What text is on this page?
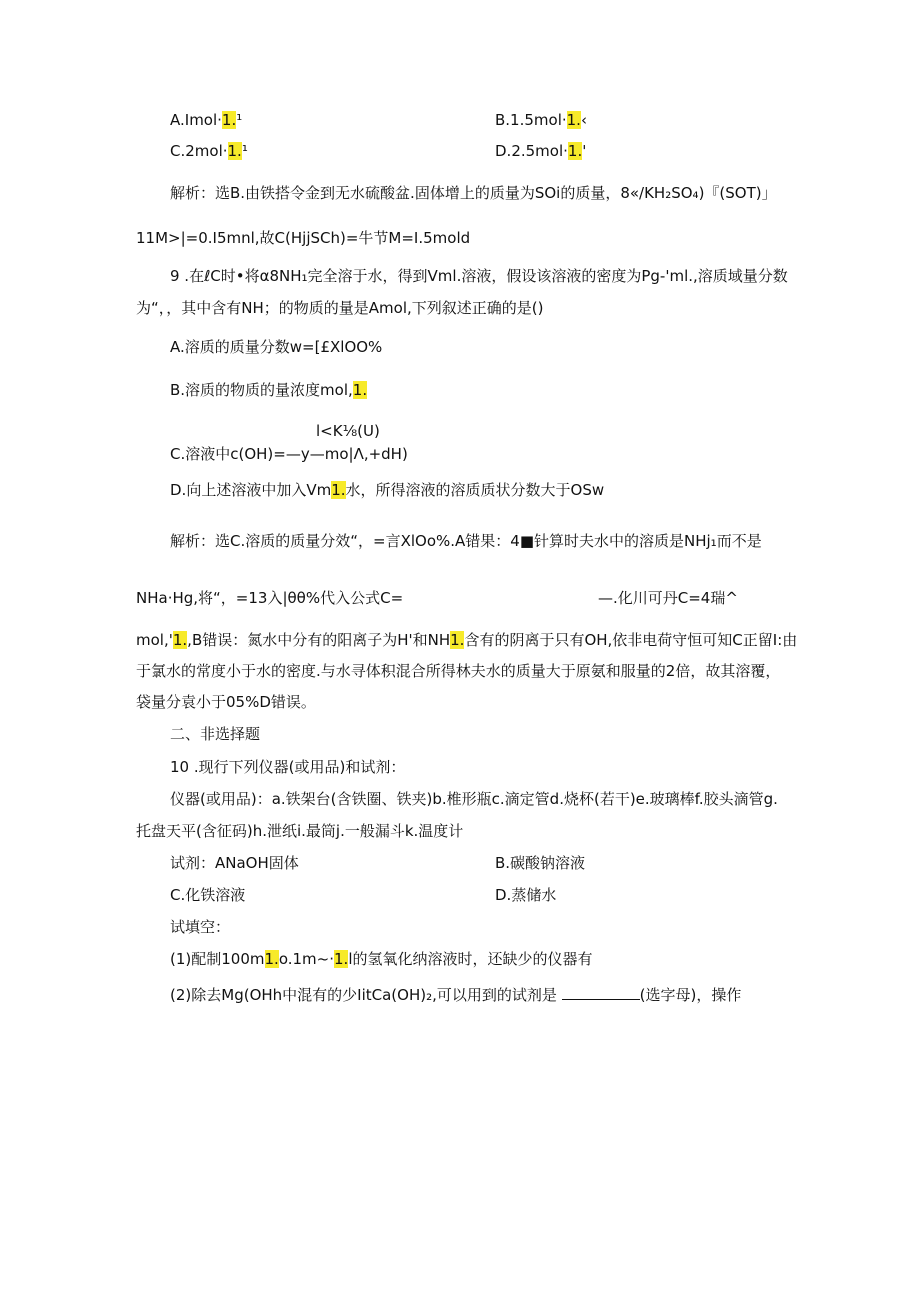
A.Imol·1.¹	B.1.5mol·1.‹
C.2mol·1.¹	D.2.5mol·1.'
解析：选B.由铁搭令金到无水硫酸盆.固体增上的质量为SOi的质量，8«/KH₂SO₄)『(SOT)」
11M>|=0.I5mnl,故C(HjjSCh)=牛节M=I.5mold
9 .在ℓC时•将α8NH₁完全溶于水，得到Vml.溶液，假设该溶液的密度为Pg-'ml.,溶质域量分数
为“，，其中含有NH；的物质的量是Amol,下列叙述正确的是()
A.溶质的质量分数w=[£XlOO%
B.溶质的物质的量浓度mol,1.
l<K⅛(U)
C.溶液中c(OH)=—y—mo|Λ,+dH)
D.向上述溶液中加入Vm1.水，所得溶液的溶质质状分数大于OSw
解析：选C.溶质的质量分效“，=言XlOo%.A错果：4■针算时夫水中的溶质是NHj₁而不是
NHa·Hg,将“，=13入|θθ%代入公式C=	—.化川可丹C=4瑞^
mol,'1.,B错误：氮水中分有的阳离子为H'和NH1.含有的阴离于只有OH,依非电荷守恒可知C正留I:由
于氯水的常度小于水的密度.与水寻体积混合所得林夫水的质量大于原氨和服量的2倍，故其溶覆，
袋量分袁小于05%D错误。
二、非选择题
10 .现行下列仪器(或用品)和试剂：
仪器(或用品)：a.铁架台(含铁圈、铁夹)b.椎形瓶c.滴定管d.烧杯(若干)e.玻璃棒f.胶头滴管g.
托盘天平(含征码)h.泄纸i.最筒j.一般漏斗k.温度计
试剂：ANaOH固体	B.碳酸钠溶液
C.化铁溶液	D.蒸储水
试填空：
(1)配制100m1.o.1m~·1.l的氢氧化纳溶液时，还缺少的仪器有
(2)除去Mg(OHh中混有的少IitCa(OH)₂,可以用到的试剂是	(选字母)，操作
